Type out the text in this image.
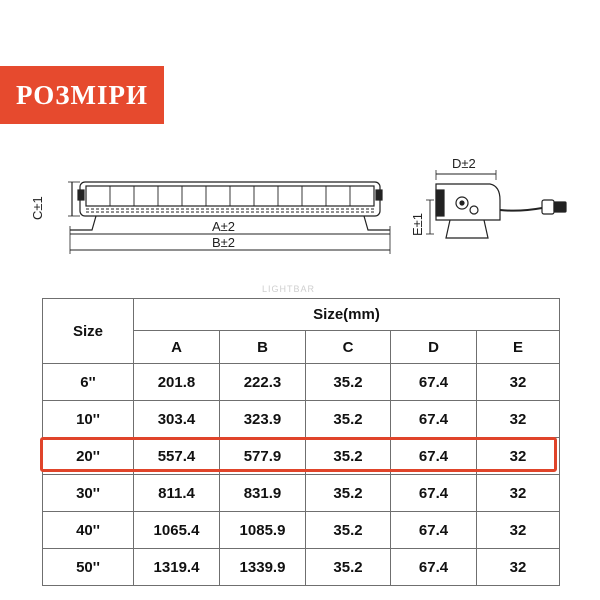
РОЗМІРИ
A±2
B±2
C±1
D±2
E±1
LIGHTBAR
Size	Size(mm)				
	A	B	C	D	E
6''	201.8	222.3	35.2	67.4	32
10''	303.4	323.9	35.2	67.4	32
20''	557.4	577.9	35.2	67.4	32
30''	811.4	831.9	35.2	67.4	32
40''	1065.4	1085.9	35.2	67.4	32
50''	1319.4	1339.9	35.2	67.4	32
